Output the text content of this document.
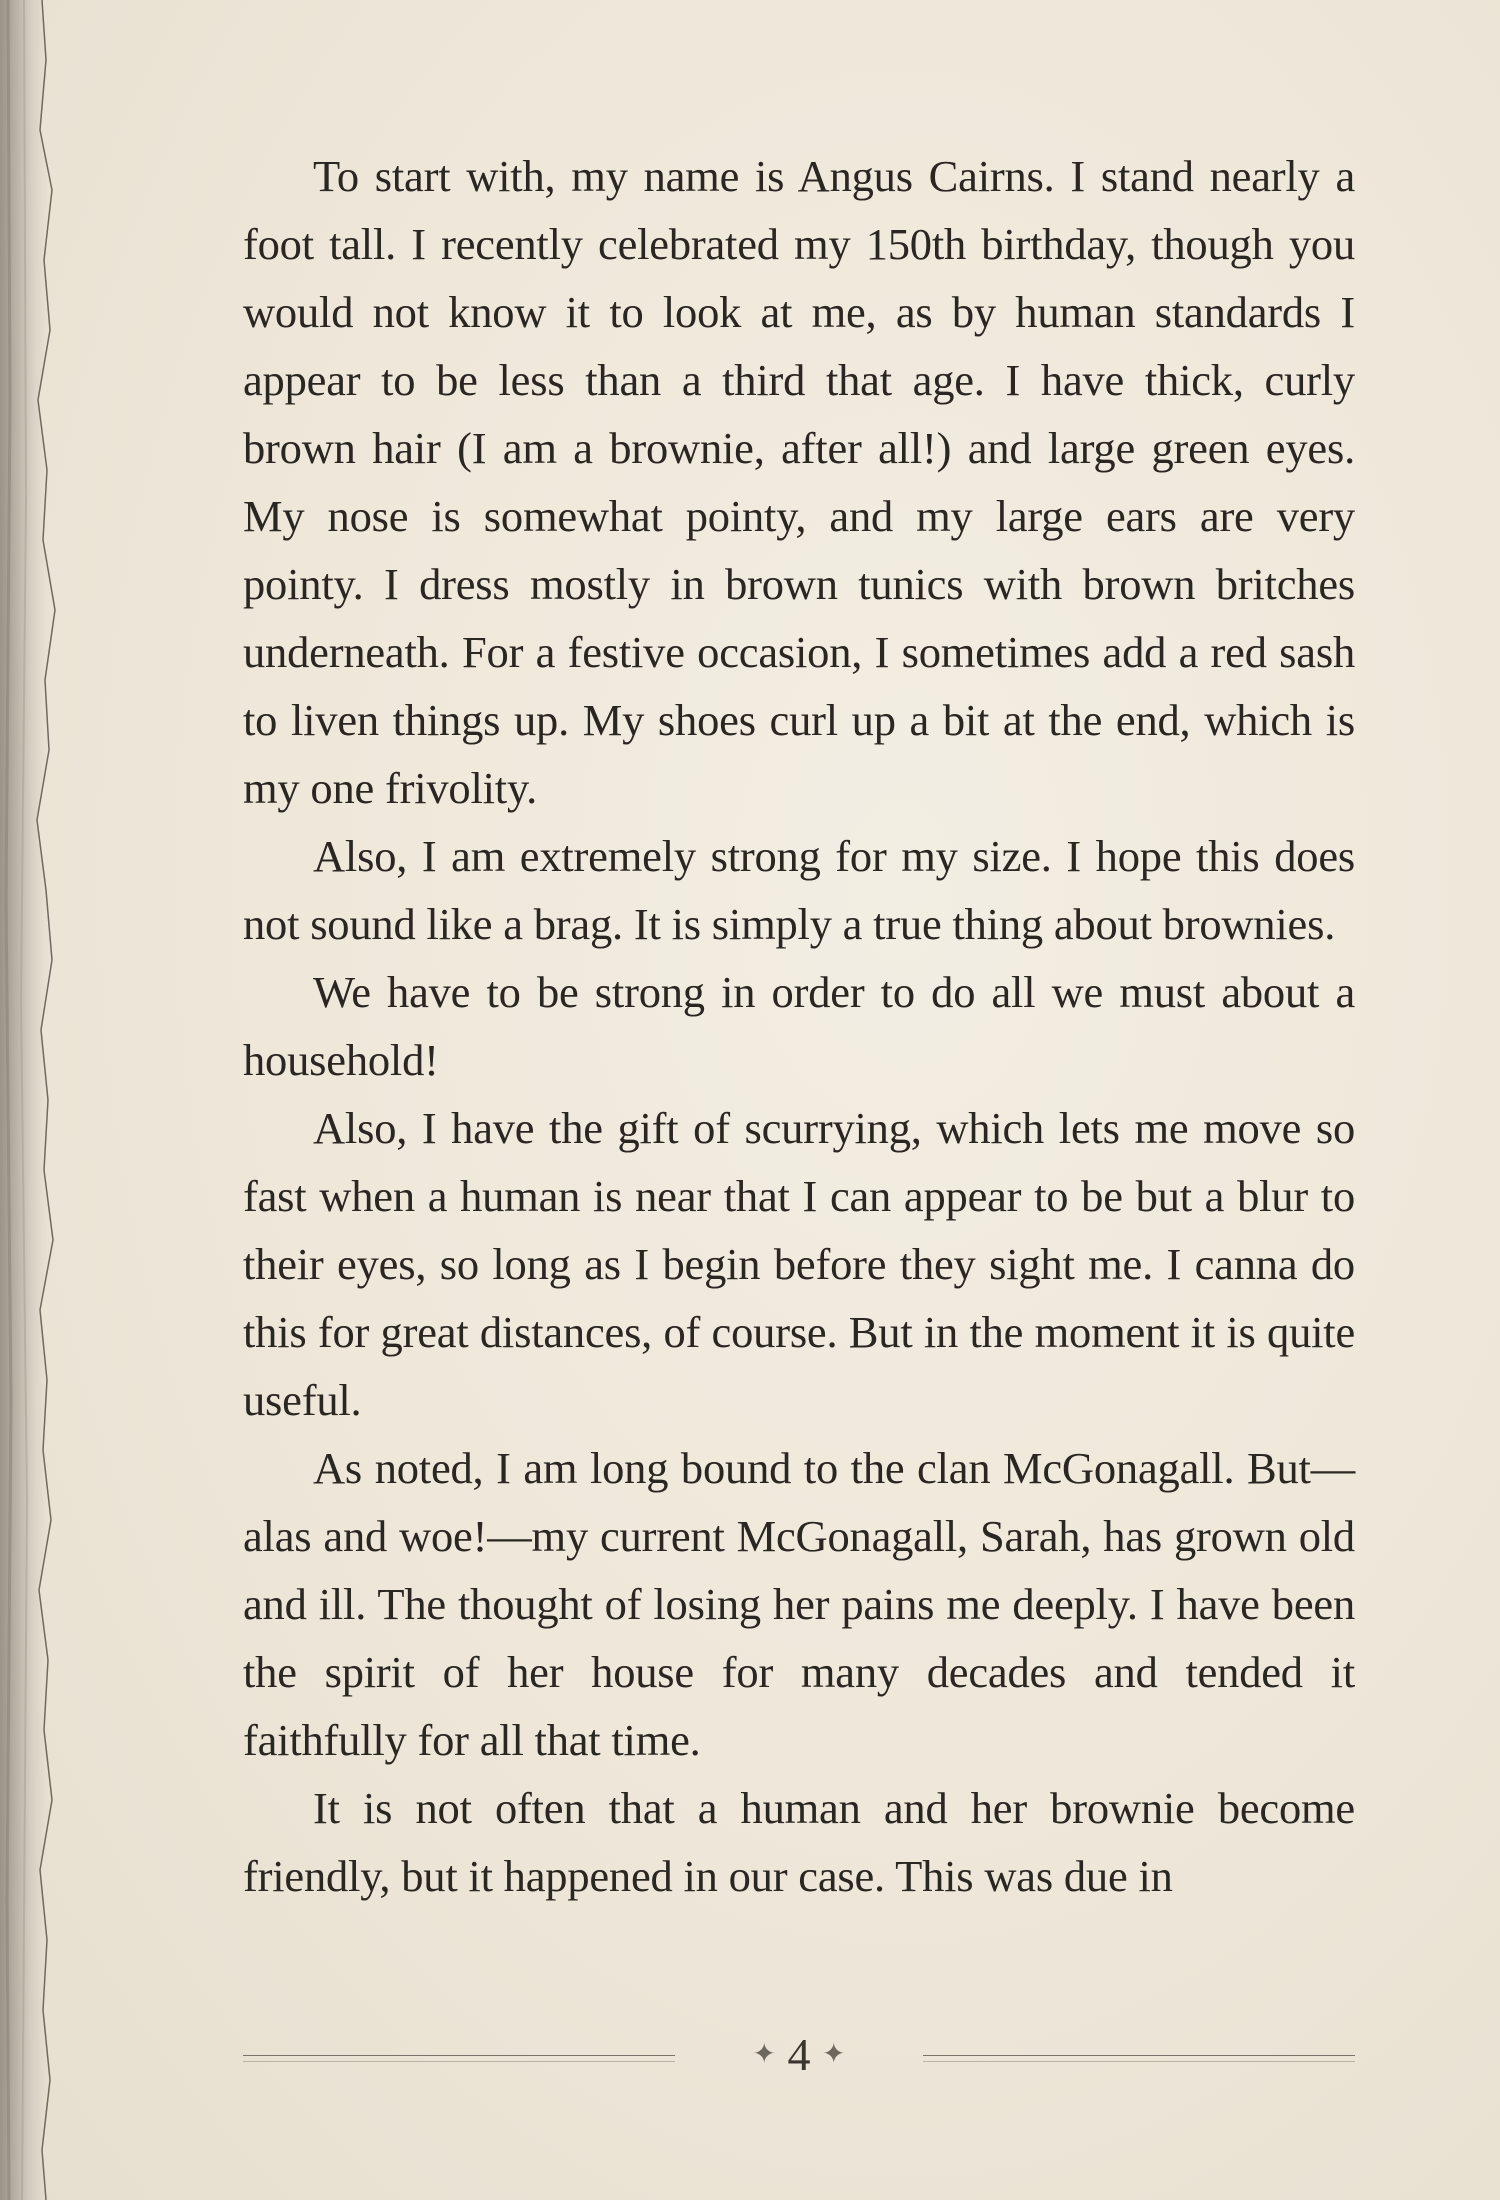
To start with, my name is Angus Cairns. I stand nearly a foot tall. I recently celebrated my 150th birthday, though you would not know it to look at me, as by human standards I appear to be less than a third that age. I have thick, curly brown hair (I am a brownie, after all!) and large green eyes. My nose is somewhat pointy, and my large ears are very pointy. I dress mostly in brown tunics with brown britches underneath. For a festive occasion, I sometimes add a red sash to liven things up. My shoes curl up a bit at the end, which is my one frivolity.

Also, I am extremely strong for my size. I hope this does not sound like a brag. It is simply a true thing about brownies.

We have to be strong in order to do all we must about a household!

Also, I have the gift of scurrying, which lets me move so fast when a human is near that I can appear to be but a blur to their eyes, so long as I begin before they sight me. I canna do this for great distances, of course. But in the moment it is quite useful.

As noted, I am long bound to the clan McGonagall. But—alas and woe!—my current McGonagall, Sarah, has grown old and ill. The thought of losing her pains me deeply. I have been the spirit of her house for many decades and tended it faithfully for all that time.

It is not often that a human and her brownie become friendly, but it happened in our case. This was due in

✦ 4 ✦
